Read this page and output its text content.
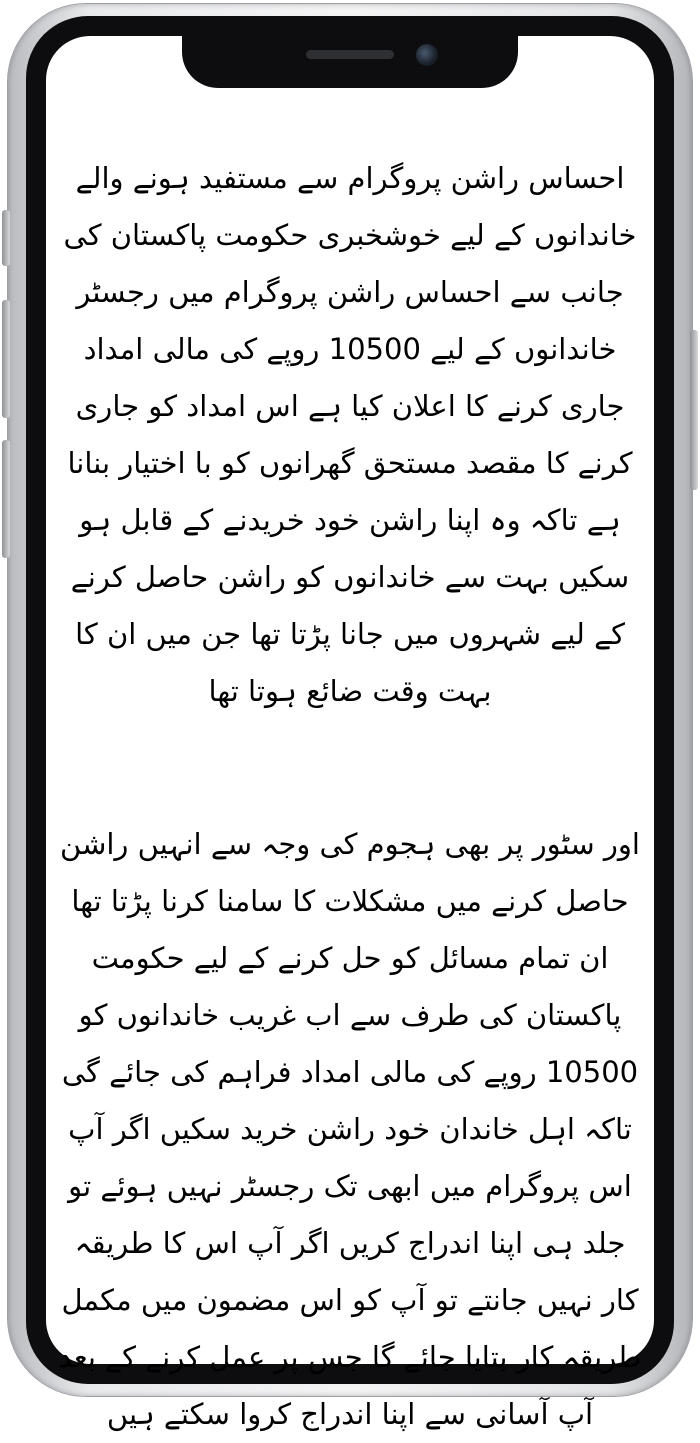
احساس راشن پروگرام سے مستفید ہونے والے خاندانوں کے لیے خوشخبری حکومت پاکستان کی جانب سے احساس راشن پروگرام میں رجسٹر خاندانوں کے لیے 10500 روپے کی مالی امداد جاری کرنے کا اعلان کیا ہے اس امداد کو جاری کرنے کا مقصد مستحق گھرانوں کو با اختیار بنانا ہے تاکہ وہ اپنا راشن خود خریدنے کے قابل ہو سکیں بہت سے خاندانوں کو راشن حاصل کرنے کے لیے شہروں میں جانا پڑتا تھا جن میں ان کا بہت وقت ضائع ہوتا تھا

اور سٹور پر بھی ہجوم کی وجہ سے انہیں راشن حاصل کرنے میں مشکلات کا سامنا کرنا پڑتا تھا ان تمام مسائل کو حل کرنے کے لیے حکومت پاکستان کی طرف سے اب غریب خاندانوں کو 10500 روپے کی مالی امداد فراہم کی جائے گی تاکہ اہل خاندان خود راشن خرید سکیں اگر آپ اس پروگرام میں ابھی تک رجسٹر نہیں ہوئے تو جلد ہی اپنا اندراج کریں اگر آپ اس کا طریقہ کار نہیں جانتے تو آپ کو اس مضمون میں مکمل طریقہ کار بتایا جائے گا جس پر عمل کرنے کے بعد آپ آسانی سے اپنا اندراج کروا سکتے ہیں
